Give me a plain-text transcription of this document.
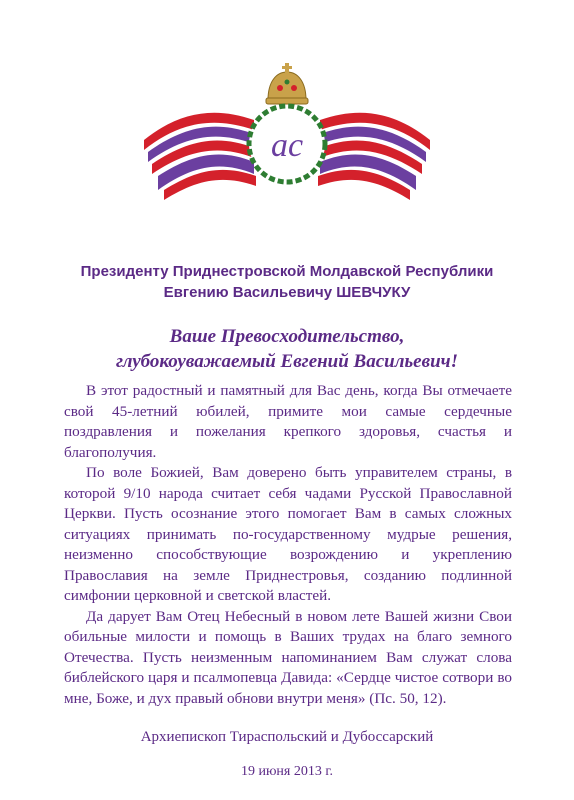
ac
Президенту Приднестровской Молдавской Республики
Евгению Васильевичу ШЕВЧУКУ
Ваше Превосходительство,
глубокоуважаемый Евгений Васильевич!

В этот радостный и памятный для Вас день, когда Вы отмечаете свой 45-летний юбилей, примите мои самые сердечные поздравления и пожелания крепкого здоровья, счастья и благополучия.

По воле Божией, Вам доверено быть управителем страны, в которой 9/10 народа считает себя чадами Русской Православной Церкви. Пусть осознание этого помогает Вам в самых сложных ситуациях принимать по-государственному мудрые решения, неизменно способствующие возрождению и укреплению Православия на земле Приднестровья, созданию подлинной симфонии церковной и светской властей.

Да дарует Вам Отец Небесный в новом лете Вашей жизни Свои обильные милости и помощь в Ваших трудах на благо земного Отечества. Пусть неизменным напоминанием Вам служат слова библейского царя и псалмопевца Давида: «Сердце чистое сотвори во мне, Боже, и дух правый обнови внутри меня» (Пс. 50, 12).

Архиепископ Тираспольский и Дубоссарский
19 июня 2013 г.
